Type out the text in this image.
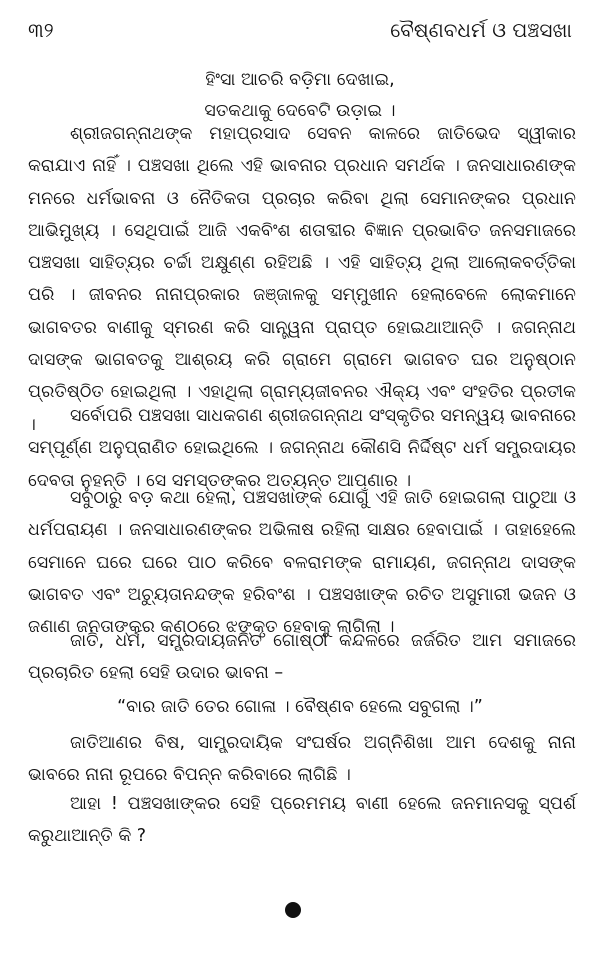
୩୨	ବୈଷ୍ଣବଧର୍ମ ଓ ପଞ୍ଚସଖା
ହିଂସା ଆଚରି ବଡ଼ିମା ଦେଖାଇ,
ସତକଥାକୁ ଦେବେଟି ଉଡ଼ାଇ ।

ଶ୍ରୀଜଗନ୍ନାଥଙ୍କ ମହାପ୍ରସାଦ ସେବନ କାଳରେ ଜାତିଭେଦ ସ୍ୱୀକାର କରାଯାଏ ନାହିଁ । ପଞ୍ଚସଖା ଥିଲେ ଏହି ଭାବନାର ପ୍ରଧାନ ସମର୍ଥକ । ଜନସାଧାରଣଙ୍କ ମନରେ ଧର୍ମଭାବନା ଓ ନୈତିକତା ପ୍ରଚାର କରିବା ଥିଲା ସେମାନଙ୍କର ପ୍ରଧାନ ଆଭିମୁଖ୍ୟ । ସେଥିପାଇଁ ଆଜି ଏକବିଂଶ ଶତାବ୍ଦୀର ବିଜ୍ଞାନ ପ୍ରଭାବିତ ଜନସମାଜରେ ପଞ୍ଚସଖା ସାହିତ୍ୟର ଚର୍ଚ୍ଚା ଅକ୍ଷୁଣ୍ଣ ରହିଅଛି । ଏହି ସାହିତ୍ୟ ଥିଲା ଆଲୋକବର୍ତ୍ତିକା ପରି । ଜୀବନର ନାନାପ୍ରକାର ଜଞ୍ଜାଳକୁ ସମ୍ମୁଖୀନ ହେଲାବେଳେ ଲୋକମାନେ ଭାଗବତର ବାଣୀକୁ ସ୍ମରଣ କରି ସାନ୍ତ୍ୱନା ପ୍ରାପ୍ତ ହୋଇଥାଆନ୍ତି । ଜଗନ୍ନାଥ ଦାସଙ୍କ ଭାଗବତକୁ ଆଶ୍ରୟ କରି ଗ୍ରାମେ ଗ୍ରାମେ ଭାଗବତ ଘର ଅନୁଷ୍ଠାନ ପ୍ରତିଷ୍ଠିତ ହୋଇଥିଲା । ଏହାଥିଲା ଗ୍ରାମ୍ୟଜୀବନର ଐକ୍ୟ ଏବଂ ସଂହତିର ପ୍ରତୀକ ।	ସର୍ବୋପରି ପଞ୍ଚସଖା ସାଧକଗଣ ଶ୍ରୀଜଗନ୍ନାଥ ସଂସ୍କୃତିର ସମନ୍ୱୟ ଭାବନାରେ ସମ୍ପୂର୍ଣ୍ଣ ଅନୁପ୍ରାଣିତ ହୋଇଥିଲେ । ଜଗନ୍ନାଥ କୌଣସି ନିର୍ଦ୍ଦିଷ୍ଟ ଧର୍ମ ସମ୍ପ୍ରଦାୟର ଦେବତା ନୁହନ୍ତି । ସେ ସମସ୍ତଙ୍କର ଅତ୍ୟନ୍ତ ଆପଣାର ।

ସବୁଠାରୁ ବଡ଼ କଥା ହେଲା, ପଞ୍ଚସଖାଙ୍କ ଯୋଗୁଁ ଏହି ଜାତି ହୋଇଗଲା ପାଠୁଆ ଓ ଧର୍ମପରାୟଣ । ଜନସାଧାରଣଙ୍କର ଅଭିଳାଷ ରହିଲା ସାକ୍ଷର ହେବାପାଇଁ । ତାହାହେଲେ ସେମାନେ ଘରେ ଘରେ ପାଠ କରିବେ ବଳରାମଙ୍କ ରାମାୟଣ, ଜଗନ୍ନାଥ ଦାସଙ୍କ ଭାଗବତ ଏବଂ ଅଚ୍ୟୁତାନନ୍ଦଙ୍କ ହରିବଂଶ । ପଞ୍ଚସଖାଙ୍କ ରଚିତ ଅସୁମାରୀ ଭଜନ ଓ ଜଣାଣ ଜନତାଙ୍କର କଣ୍ଠରେ ଝଙ୍କୃତ ହେବାକୁ ଲାଗିଲା ।

ଜାତି, ଧର୍ମ, ସମ୍ପ୍ରଦାୟଜନିତ ଗୋଷ୍ଠୀ କନ୍ଦଳରେ ଜର୍ଜରିତ ଆମ ସମାଜରେ ପ୍ରଚାରିତ ହେଲା ସେହି ଉଦାର ଭାବନା –

“ବାର ଜାତି ତେର ଗୋଳା । ବୈଷ୍ଣବ ହେଲେ ସବୁଗଲା ।”

ଜାତିଆଣର ବିଷ, ସାମ୍ପ୍ରଦାୟିକ ସଂଘର୍ଷର ଅଗ୍ନିଶିଖା ଆମ ଦେଶକୁ ନାନା ଭାବରେ ନାନା ରୂପରେ ବିପନ୍ନ କରିବାରେ ଲାଗିଛି ।

ଆହା ! ପଞ୍ଚସଖାଙ୍କର ସେହି ପ୍ରେମମୟ ବାଣୀ ହେଲେ ଜନମାନସକୁ ସ୍ପର୍ଶ କରୁଥାଆନ୍ତି କି ?
